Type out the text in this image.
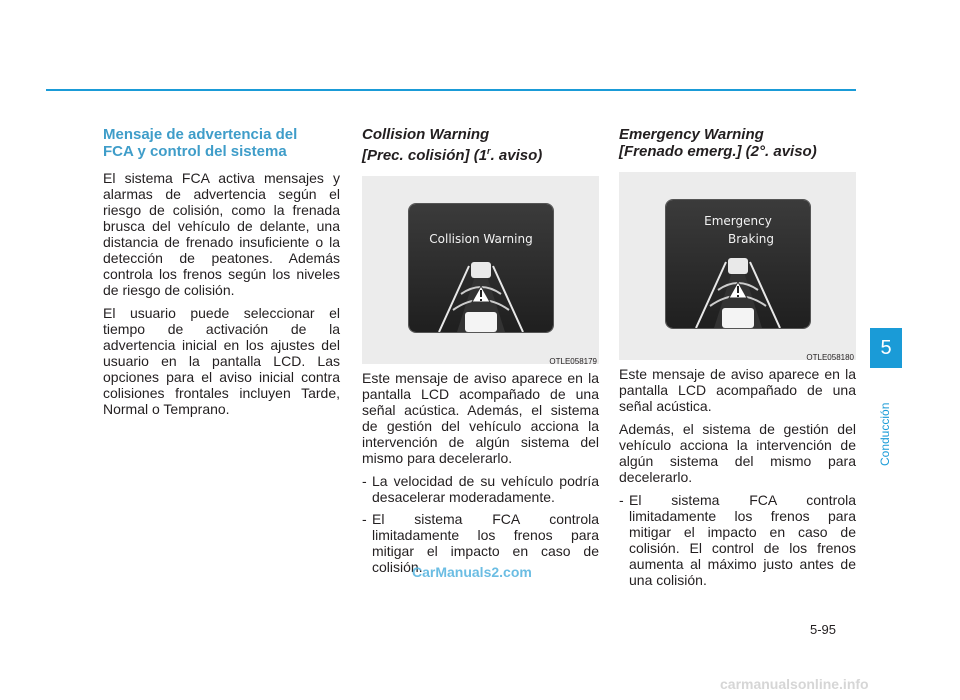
Mensaje de advertencia del
FCA y control del sistema

El sistema FCA activa mensajes y alarmas de advertencia según el riesgo de colisión, como la frenada brusca del vehículo de delante, una distancia de frenado insuficiente o la detección de peatones. Además controla los frenos según los niveles de riesgo de colisión.

El usuario puede seleccionar el tiempo de activación de la advertencia inicial en los ajustes del usuario en la pantalla LCD. Las opciones para el aviso inicial contra colisiones frontales incluyen Tarde, Normal o Temprano.

Collision Warning
[Prec. colisión] (1$^r$. aviso)
Collision Warning
OTLE058179

Este mensaje de aviso aparece en la pantalla LCD acompañado de una señal acústica. Además, el sistema de gestión del vehículo acciona la intervención de algún sistema del mismo para decelerarlo.

- La velocidad de su vehículo podría desacelerar moderadamente.
- El sistema FCA controla limitadamente los frenos para mitigar el impacto en caso de colisión.
Emergency Warning
[Frenado emerg.] (2°. aviso)
Emergency
Braking
OTLE058180

Este mensaje de aviso aparece en la pantalla LCD acompañado de una señal acústica.

Además, el sistema de gestión del vehículo acciona la intervención de algún sistema del mismo para decelerarlo.

- El sistema FCA controla limitadamente los frenos para mitigar el impacto en caso de colisión. El control de los frenos aumenta al máximo justo antes de una colisión.
5
Conducción
CarManuals2.com
5-95
carmanualsonline.info
